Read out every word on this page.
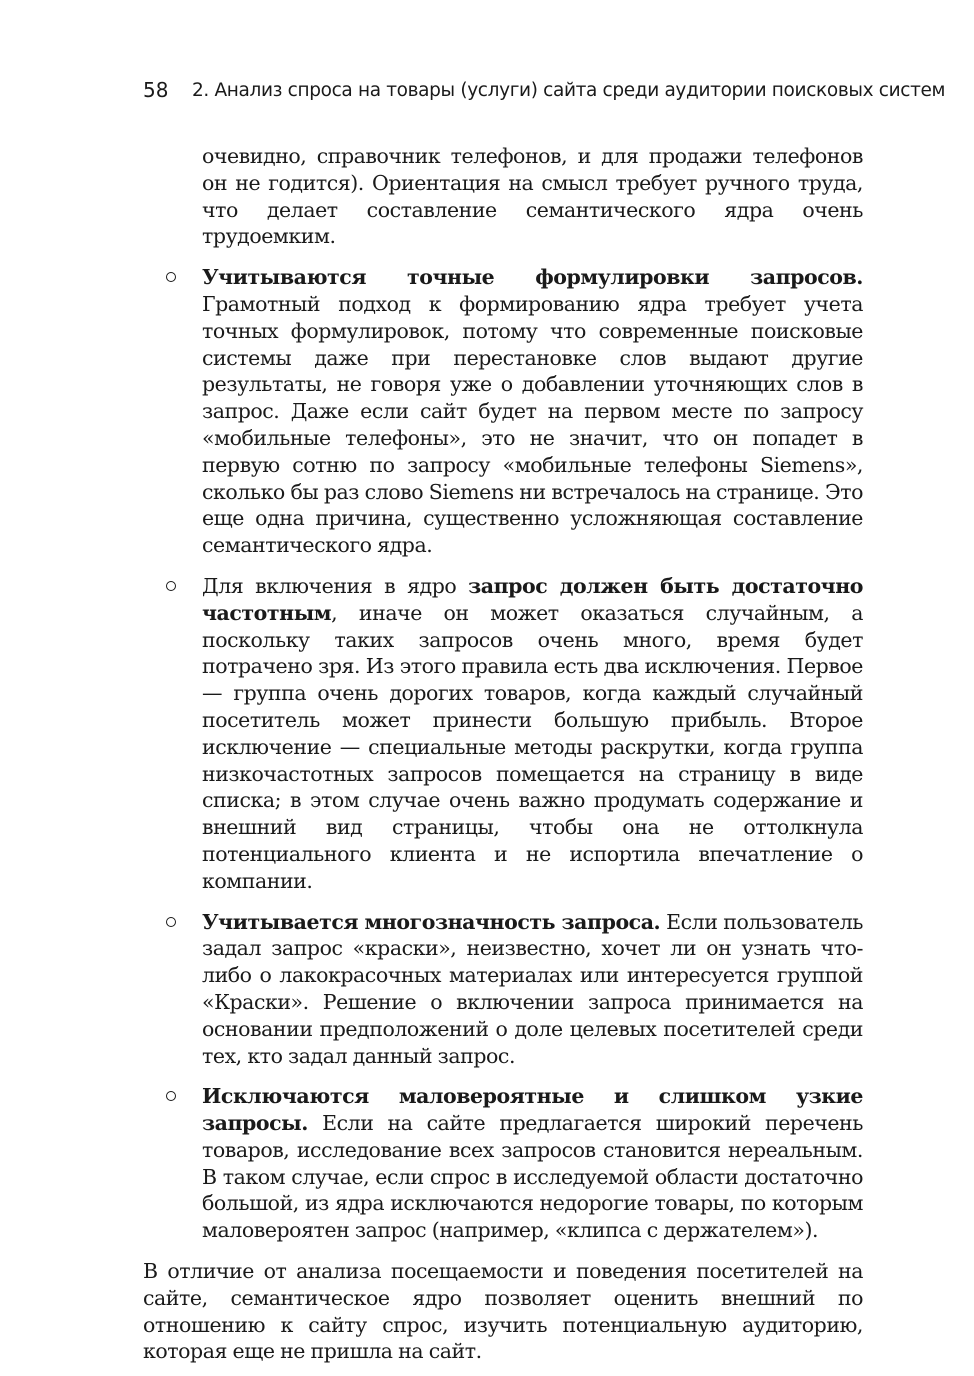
58 2. Анализ спроса на товары (услуги) сайта среди аудитории поисковых систем

очевидно, справочник телефонов, и для продажи телефонов он не годится). Ориентация на смысл требует ручного труда, что делает составление семантического ядра очень трудоемким.

Учитываются точные формулировки запросов. Грамотный подход к формированию ядра требует учета точных формулировок, потому что современные поисковые системы даже при перестановке слов выдают другие результаты, не говоря уже о добавлении уточняющих слов в запрос. Даже если сайт будет на первом месте по запросу «мобильные телефоны», это не значит, что он попадет в первую сотню по запросу «мобильные телефоны Siemens», сколько бы раз слово Siemens ни встречалось на странице. Это еще одна причина, существенно усложняющая составление семантического ядра.
Для включения в ядро запрос должен быть достаточно частотным, иначе он может оказаться случайным, а поскольку таких запросов очень много, время будет потрачено зря. Из этого правила есть два исключения. Первое — группа очень дорогих товаров, когда каждый случайный посетитель может принести большую прибыль. Второе исключение — специальные методы раскрутки, когда группа низкочастотных запросов помещается на страницу в виде списка; в этом случае очень важно продумать содержание и внешний вид страницы, чтобы она не оттолкнула потенциального клиента и не испортила впечатление о компании.
Учитывается многозначность запроса. Если пользователь задал запрос «краски», неизвестно, хочет ли он узнать что-либо о лакокрасочных материалах или интересуется группой «Краски». Решение о включении запроса принимается на основании предположений о доле целевых посетителей среди тех, кто задал данный запрос.
Исключаются маловероятные и слишком узкие запросы. Если на сайте предлагается широкий перечень товаров, исследование всех запросов становится нереальным. В таком случае, если спрос в исследуемой области достаточно большой, из ядра исключаются недорогие товары, по которым маловероятен запрос (например, «клипса с держателем»).

В отличие от анализа посещаемости и поведения посетителей на сайте, семантическое ядро позволяет оценить внешний по отношению к сайту спрос, изучить потенциальную аудиторию, которая еще не пришла на сайт.
